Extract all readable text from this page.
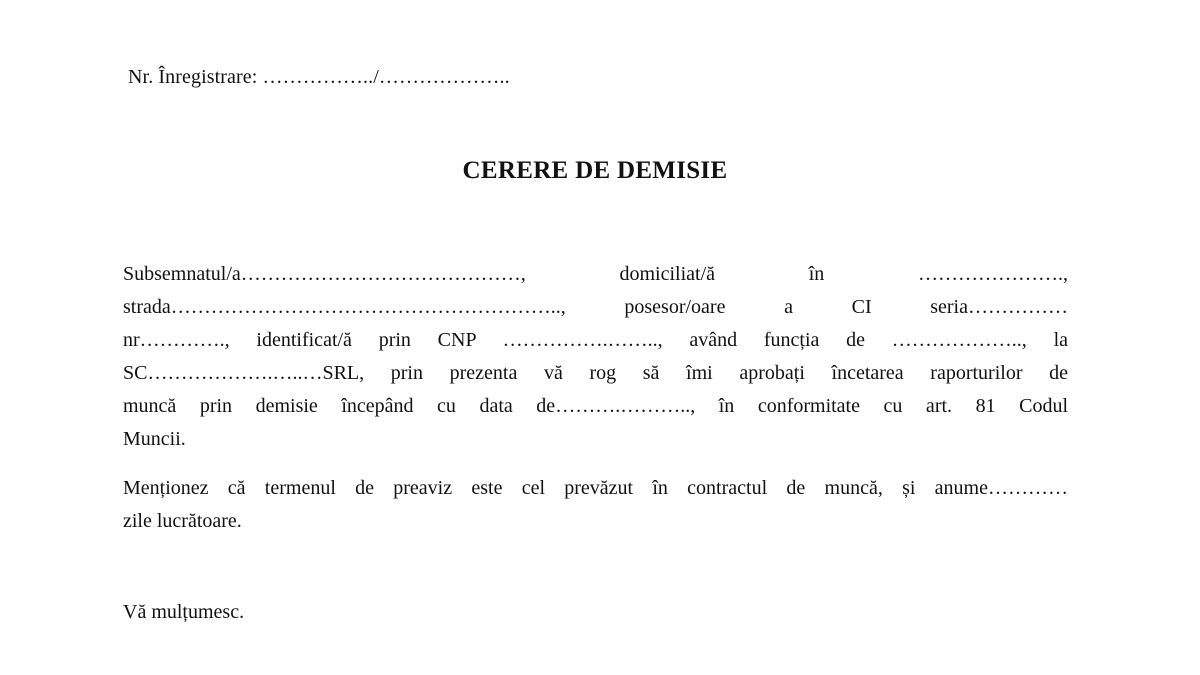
Nr. Înregistrare: ……………../………………..
CERERE DE DEMISIE
Subsemnatul/a……………………………………, domiciliat/ă în ………………….,
strada………………………………………………….., posesor/oare a CI seria……………
nr…………., identificat/ă prin CNP …………….…….., având funcția de ……………….., la
SC……………….…..…SRL, prin prezenta vă rog să îmi aprobați încetarea raporturilor de
muncă prin demisie începând cu data de……….……….., în conformitate cu art. 81 Codul
Muncii.
Menționez că termenul de preaviz este cel prevăzut în contractul de muncă, și anume…………
zile lucrătoare.
Vă mulțumesc.
